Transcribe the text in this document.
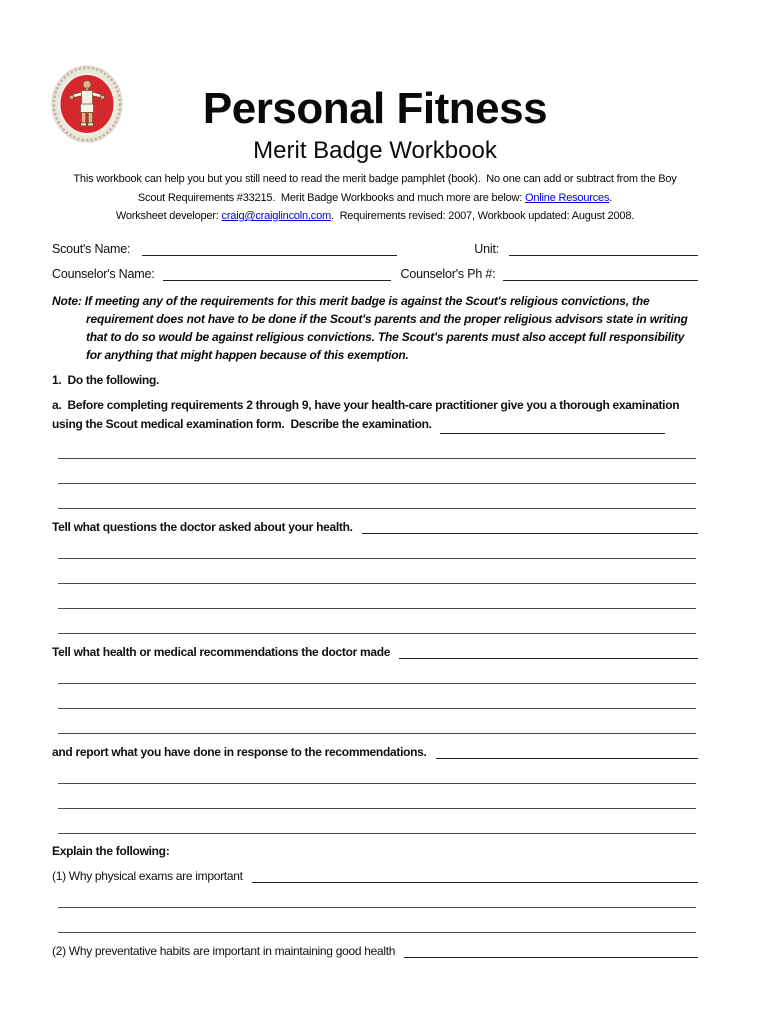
Personal Fitness
Merit Badge Workbook
This workbook can help you but you still need to read the merit badge pamphlet (book).  No one can add or subtract from the Boy
Scout Requirements #33215.  Merit Badge Workbooks and much more are below: Online Resources .
Worksheet developer: craig@craiglincoln.com .  Requirements revised: 2007, Workbook updated: August 2008.
Scout's Name:	Unit:
Counselor's Name:	Counselor's Ph #:

Note: If meeting any of the requirements for this merit badge is against the Scout's religious convictions, the requirement does not have to be done if the Scout's parents and the proper religious advisors state in writing that to do so would be against religious convictions. The Scout's parents must also accept full responsibility for anything that might happen because of this exemption.

1.  Do the following.

a.  Before completing requirements 2 through 9, have your health-care practitioner give you a thorough examination using the Scout medical examination form.  Describe the examination.

Tell what questions the doctor asked about your health.
Tell what health or medical recommendations the doctor made
and report what you have done in response to the recommendations.

Explain the following:

(1) Why physical exams are important
(2) Why preventative habits are important in maintaining good health
